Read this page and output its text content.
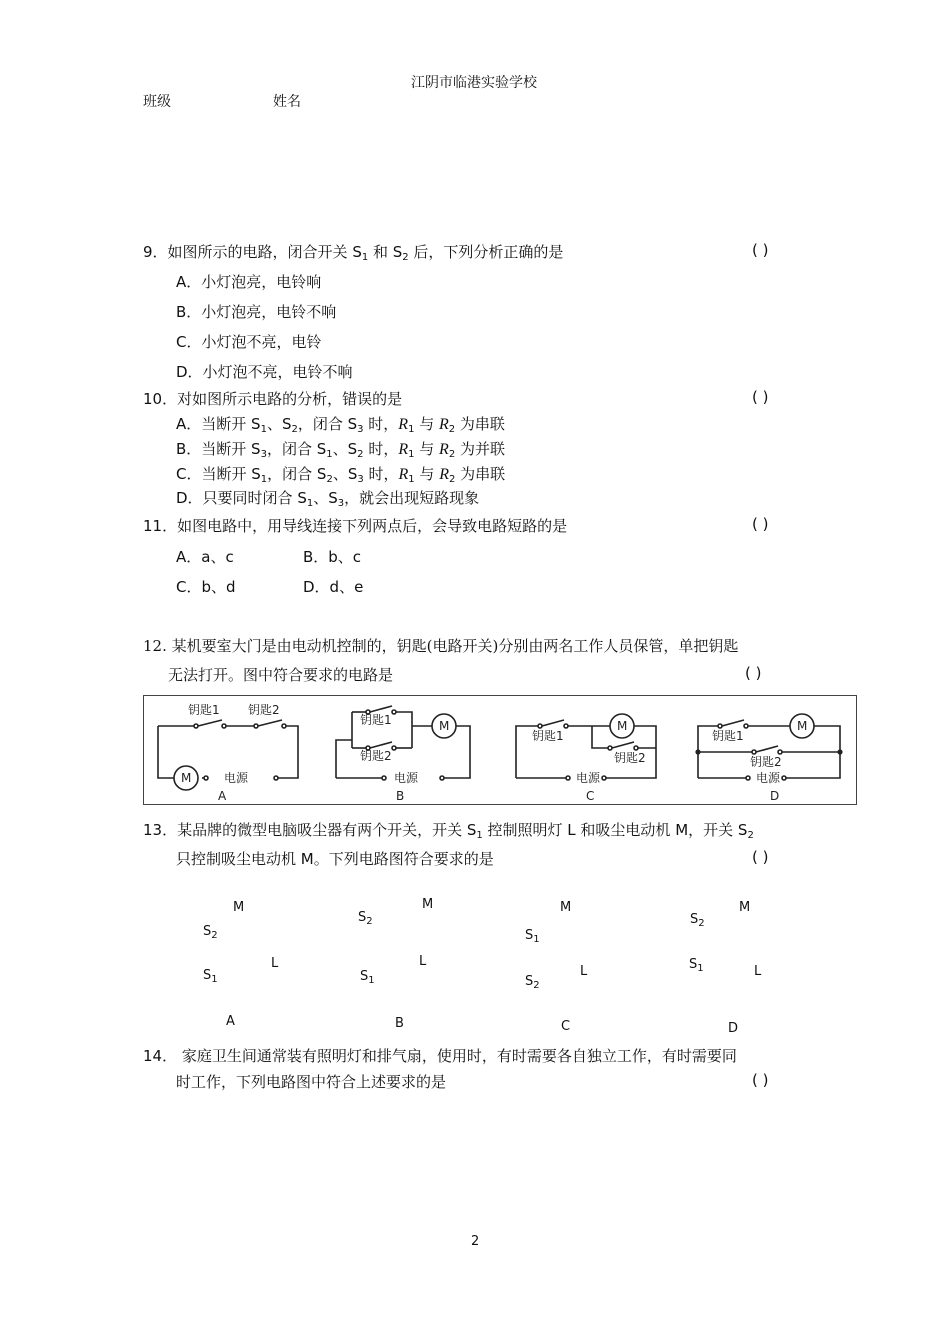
江阴市临港实验学校
班级	姓名
9．如图所示的电路，闭合开关 $S_1$ 和 $S_2$ 后，下列分析正确的是	( )
A．小灯泡亮，电铃响
B．小灯泡亮，电铃不响
C．小灯泡不亮，电铃
D．小灯泡不亮，电铃不响
10．对如图所示电路的分析，错误的是	( )
A．当断开 $S_1$、$S_2$，闭合 $S_3$ 时，$R_1$ 与 $R_2$ 为串联
B．当断开 $S_3$，闭合 $S_1$、$S_2$ 时，$R_1$ 与 $R_2$ 为并联
C．当断开 $S_1$，闭合 $S_2$、$S_3$ 时，$R_1$ 与 $R_2$ 为串联
D．只要同时闭合 $S_1$、$S_3$，就会出现短路现象
11．如图电路中，用导线连接下列两点后，会导致电路短路的是	( )
A．a、c	B．b、c
C．b、d	D．d、e
12. 某机要室大门是由电动机控制的，钥匙(电路开关)分别由两名工作人员保管，单把钥匙
无法打开。图中符合要求的电路是	( )
钥匙1 钥匙2
M	电源
A
钥匙1
钥匙2
M
电源
B
钥匙1
钥匙2
M
电源
C
钥匙1
钥匙2
M
电源
D
13．某品牌的微型电脑吸尘器有两个开关，开关 $S_1$ 控制照明灯 L 和吸尘电动机 M，开关 $S_2$
只控制吸尘电动机 M。下列电路图符合要求的是	( )
M
$S_2$
$S_1$
L
A
M
$S_2$
L
$S_1$
B
M
$S_1$
L
$S_2$
C
M
$S_2$
$S_1$	L
D
14． 家庭卫生间通常装有照明灯和排气扇，使用时，有时需要各自独立工作，有时需要同
时工作，下列电路图中符合上述要求的是	( )
2
